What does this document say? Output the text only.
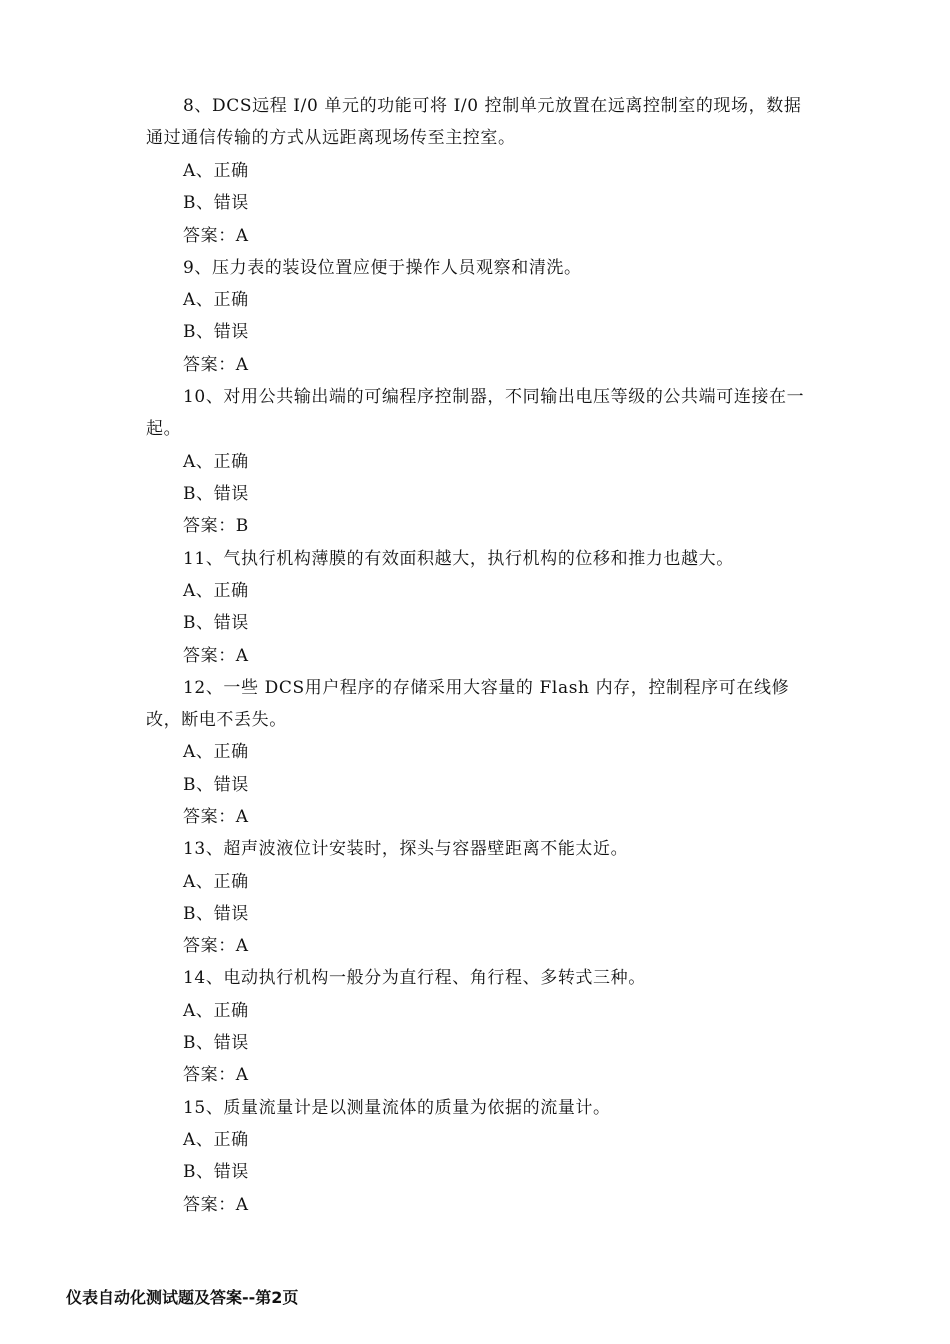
8、DCS远程 I/0 单元的功能可将 I/0 控制单元放置在远离控制室的现场，数据通过通信传输的方式从远距离现场传至主控室。

A、正确

B、错误

答案：A

9、压力表的装设位置应便于操作人员观察和清洗。

A、正确

B、错误

答案：A

10、对用公共输出端的可编程序控制器，不同输出电压等级的公共端可连接在一起。

A、正确

B、错误

答案：B

11、气执行机构薄膜的有效面积越大，执行机构的位移和推力也越大。

A、正确

B、错误

答案：A

12、一些 DCS用户程序的存储采用大容量的 Flash 内存，控制程序可在线修改，断电不丢失。

A、正确

B、错误

答案：A

13、超声波液位计安装时，探头与容器壁距离不能太近。

A、正确

B、错误

答案：A

14、电动执行机构一般分为直行程、角行程、多转式三种。

A、正确

B、错误

答案：A

15、质量流量计是以测量流体的质量为依据的流量计。

A、正确

B、错误

答案：A

仪表自动化测试题及答案--第2页
